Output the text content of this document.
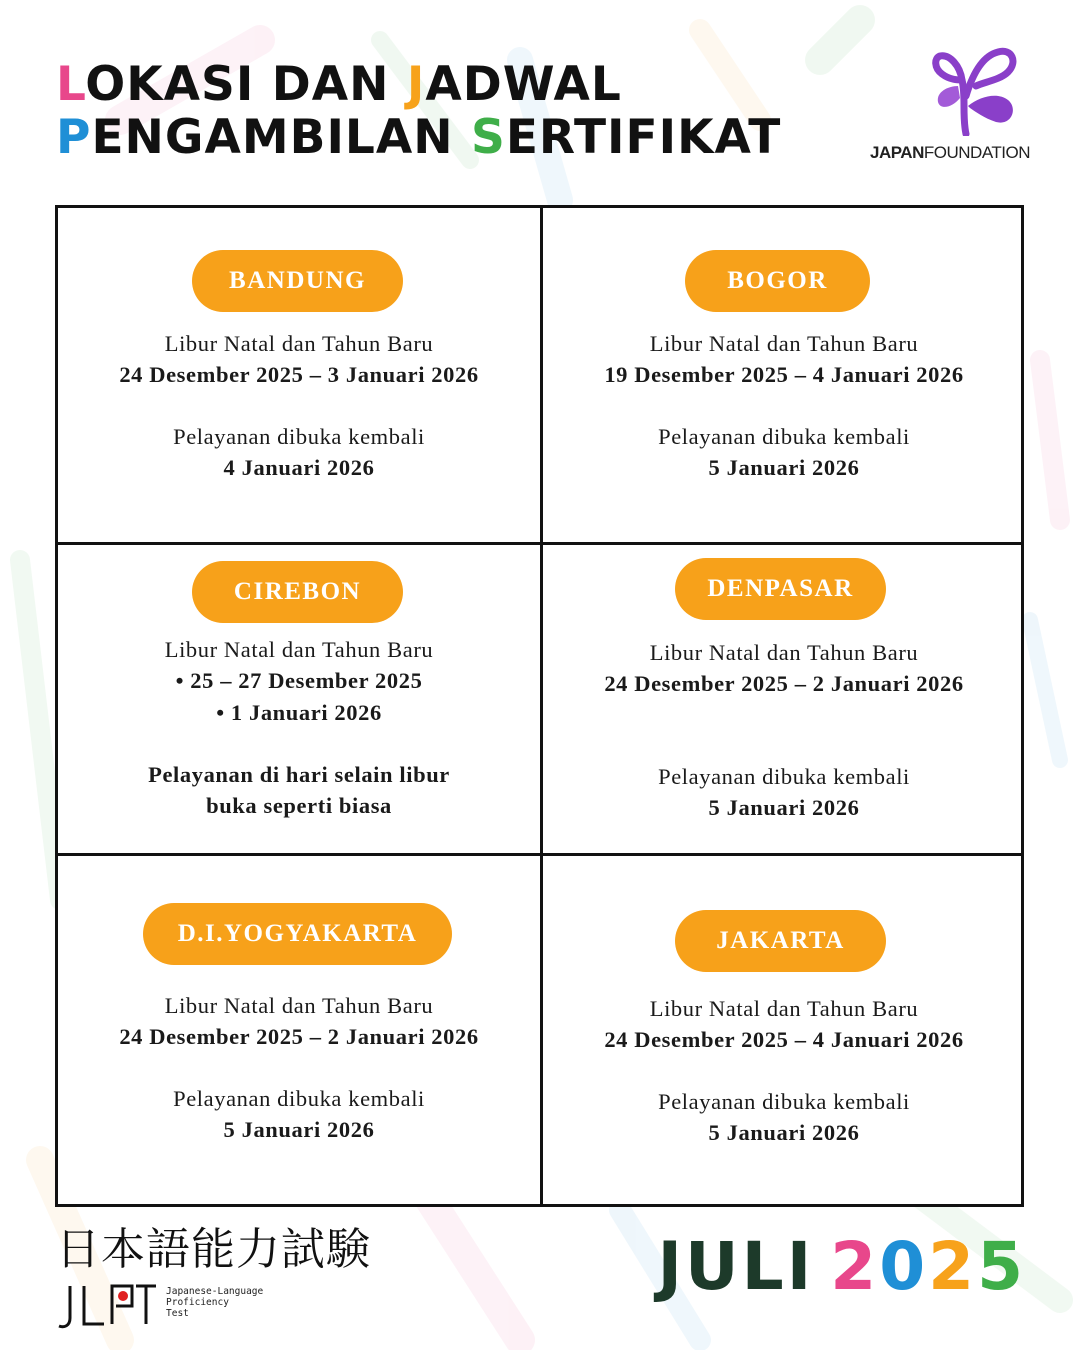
LOKASI DAN JADWAL
PENGAMBILAN SERTIFIKAT	JAPANFOUNDATION
BANDUNG
Libur Natal dan Tahun Baru
24 Desember 2025 – 3 Januari 2026
Pelayanan dibuka kembali
4 Januari 2026
BOGOR
Libur Natal dan Tahun Baru
19 Desember 2025 – 4 Januari 2026
Pelayanan dibuka kembali
5 Januari 2026
CIREBON
Libur Natal dan Tahun Baru
• 25 – 27 Desember 2025
• 1 Januari 2026
Pelayanan di hari selain libur
buka seperti biasa
DENPASAR
Libur Natal dan Tahun Baru
24 Desember 2025 – 2 Januari 2026
Pelayanan dibuka kembali
5 Januari 2026
D.I.YOGYAKARTA
Libur Natal dan Tahun Baru
24 Desember 2025 – 2 Januari 2026
Pelayanan dibuka kembali
5 Januari 2026
JAKARTA
Libur Natal dan Tahun Baru
24 Desember 2025 – 4 Januari 2026
Pelayanan dibuka kembali
5 Januari 2026
日本語能力試験
Japanese-Language
Proficiency
Test
JULI 2025
